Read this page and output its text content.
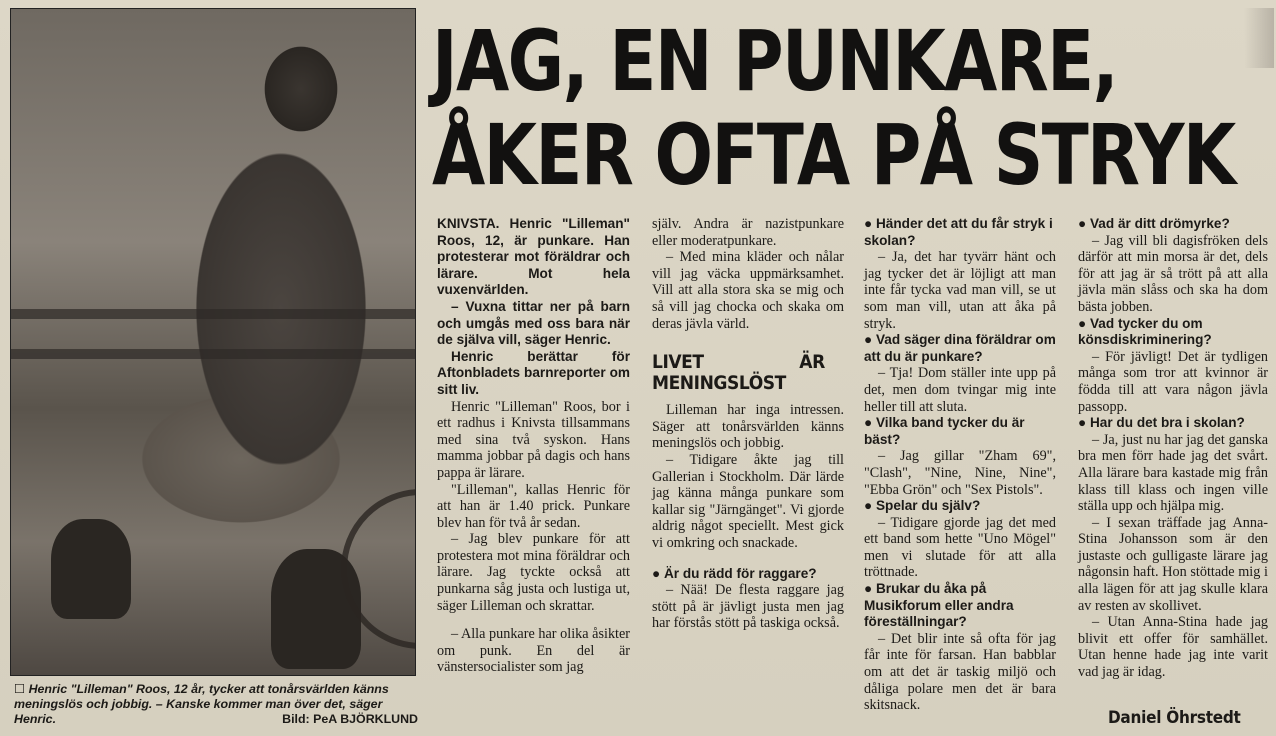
☐ Henric "Lilleman" Roos, 12 år, tycker att tonårsvärlden känns meningslös och jobbig. – Kanske kommer man över det, säger Henric.	Bild: PeA BJÖRKLUND
JAG, EN PUNKARE,
ÅKER OFTA PÅ STRYK

KNIVSTA. Henric "Lilleman" Roos, 12, är punkare. Han protesterar mot föräldrar och lärare. Mot hela vuxenvärlden.

– Vuxna tittar ner på barn och umgås med oss bara när de själva vill, säger Henric.

Henric berättar för Aftonbladets barnreporter om sitt liv.

Henric "Lilleman" Roos, bor i ett radhus i Knivsta tillsammans med sina två syskon. Hans mamma jobbar på dagis och hans pappa är lärare.

"Lilleman", kallas Henric för att han är 1.40 prick. Punkare blev han för två år sedan.

– Jag blev punkare för att protestera mot mina föräldrar och lärare. Jag tyckte också att punkarna såg justa och lustiga ut, säger Lilleman och skrattar.

– Alla punkare har olika åsikter om punk. En del är vänstersocialister som jag

själv. Andra är nazistpunkare eller moderatpunkare.

– Med mina kläder och nålar vill jag väcka uppmärksamhet. Vill att alla stora ska se mig och så vill jag chocka och skaka om deras jävla värld.

LIVET ÄR MENINGSLÖST

Lilleman har inga intressen. Säger att tonårsvärlden känns meningslös och jobbig.

– Tidigare åkte jag till Gallerian i Stockholm. Där lärde jag känna många punkare som kallar sig "Järngänget". Vi gjorde aldrig något speciellt. Mest gick vi omkring och snackade.

● Är du rädd för raggare?

– Nää! De flesta raggare jag stött på är jävligt justa men jag har förstås stött på taskiga också.

● Händer det att du får stryk i skolan?

– Ja, det har tyvärr hänt och jag tycker det är löjligt att man inte får tycka vad man vill, se ut som man vill, utan att åka på stryk.

● Vad säger dina föräldrar om att du är punkare?

– Tja! Dom ställer inte upp på det, men dom tvingar mig inte heller till att sluta.

● Vilka band tycker du är bäst?

– Jag gillar "Zham 69", "Clash", "Nine, Nine, Nine", "Ebba Grön" och "Sex Pistols".

● Spelar du själv?

– Tidigare gjorde jag det med ett band som hette "Uno Mögel" men vi slutade för att alla tröttnade.

● Brukar du åka på Musikforum eller andra föreställningar?

– Det blir inte så ofta för jag får inte för farsan. Han babblar om att det är taskig miljö och dåliga polare men det är bara skitsnack.

● Vad är ditt drömyrke?

– Jag vill bli dagisfröken dels därför att min morsa är det, dels för att jag är så trött på att alla jävla män slåss och ska ha dom bästa jobben.

● Vad tycker du om könsdiskriminering?

– För jävligt! Det är tydligen många som tror att kvinnor är födda till att vara någon jävla passopp.

● Har du det bra i skolan?

– Ja, just nu har jag det ganska bra men förr hade jag det svårt. Alla lärare bara kastade mig från klass till klass och ingen ville ställa upp och hjälpa mig.

– I sexan träffade jag Anna-Stina Johansson som är den justaste och gulligaste lärare jag någonsin haft. Hon stöttade mig i alla lägen för att jag skulle klara av resten av skollivet.

– Utan Anna-Stina hade jag blivit ett offer för samhället. Utan henne hade jag inte varit vad jag är idag.

Daniel Öhrstedt
